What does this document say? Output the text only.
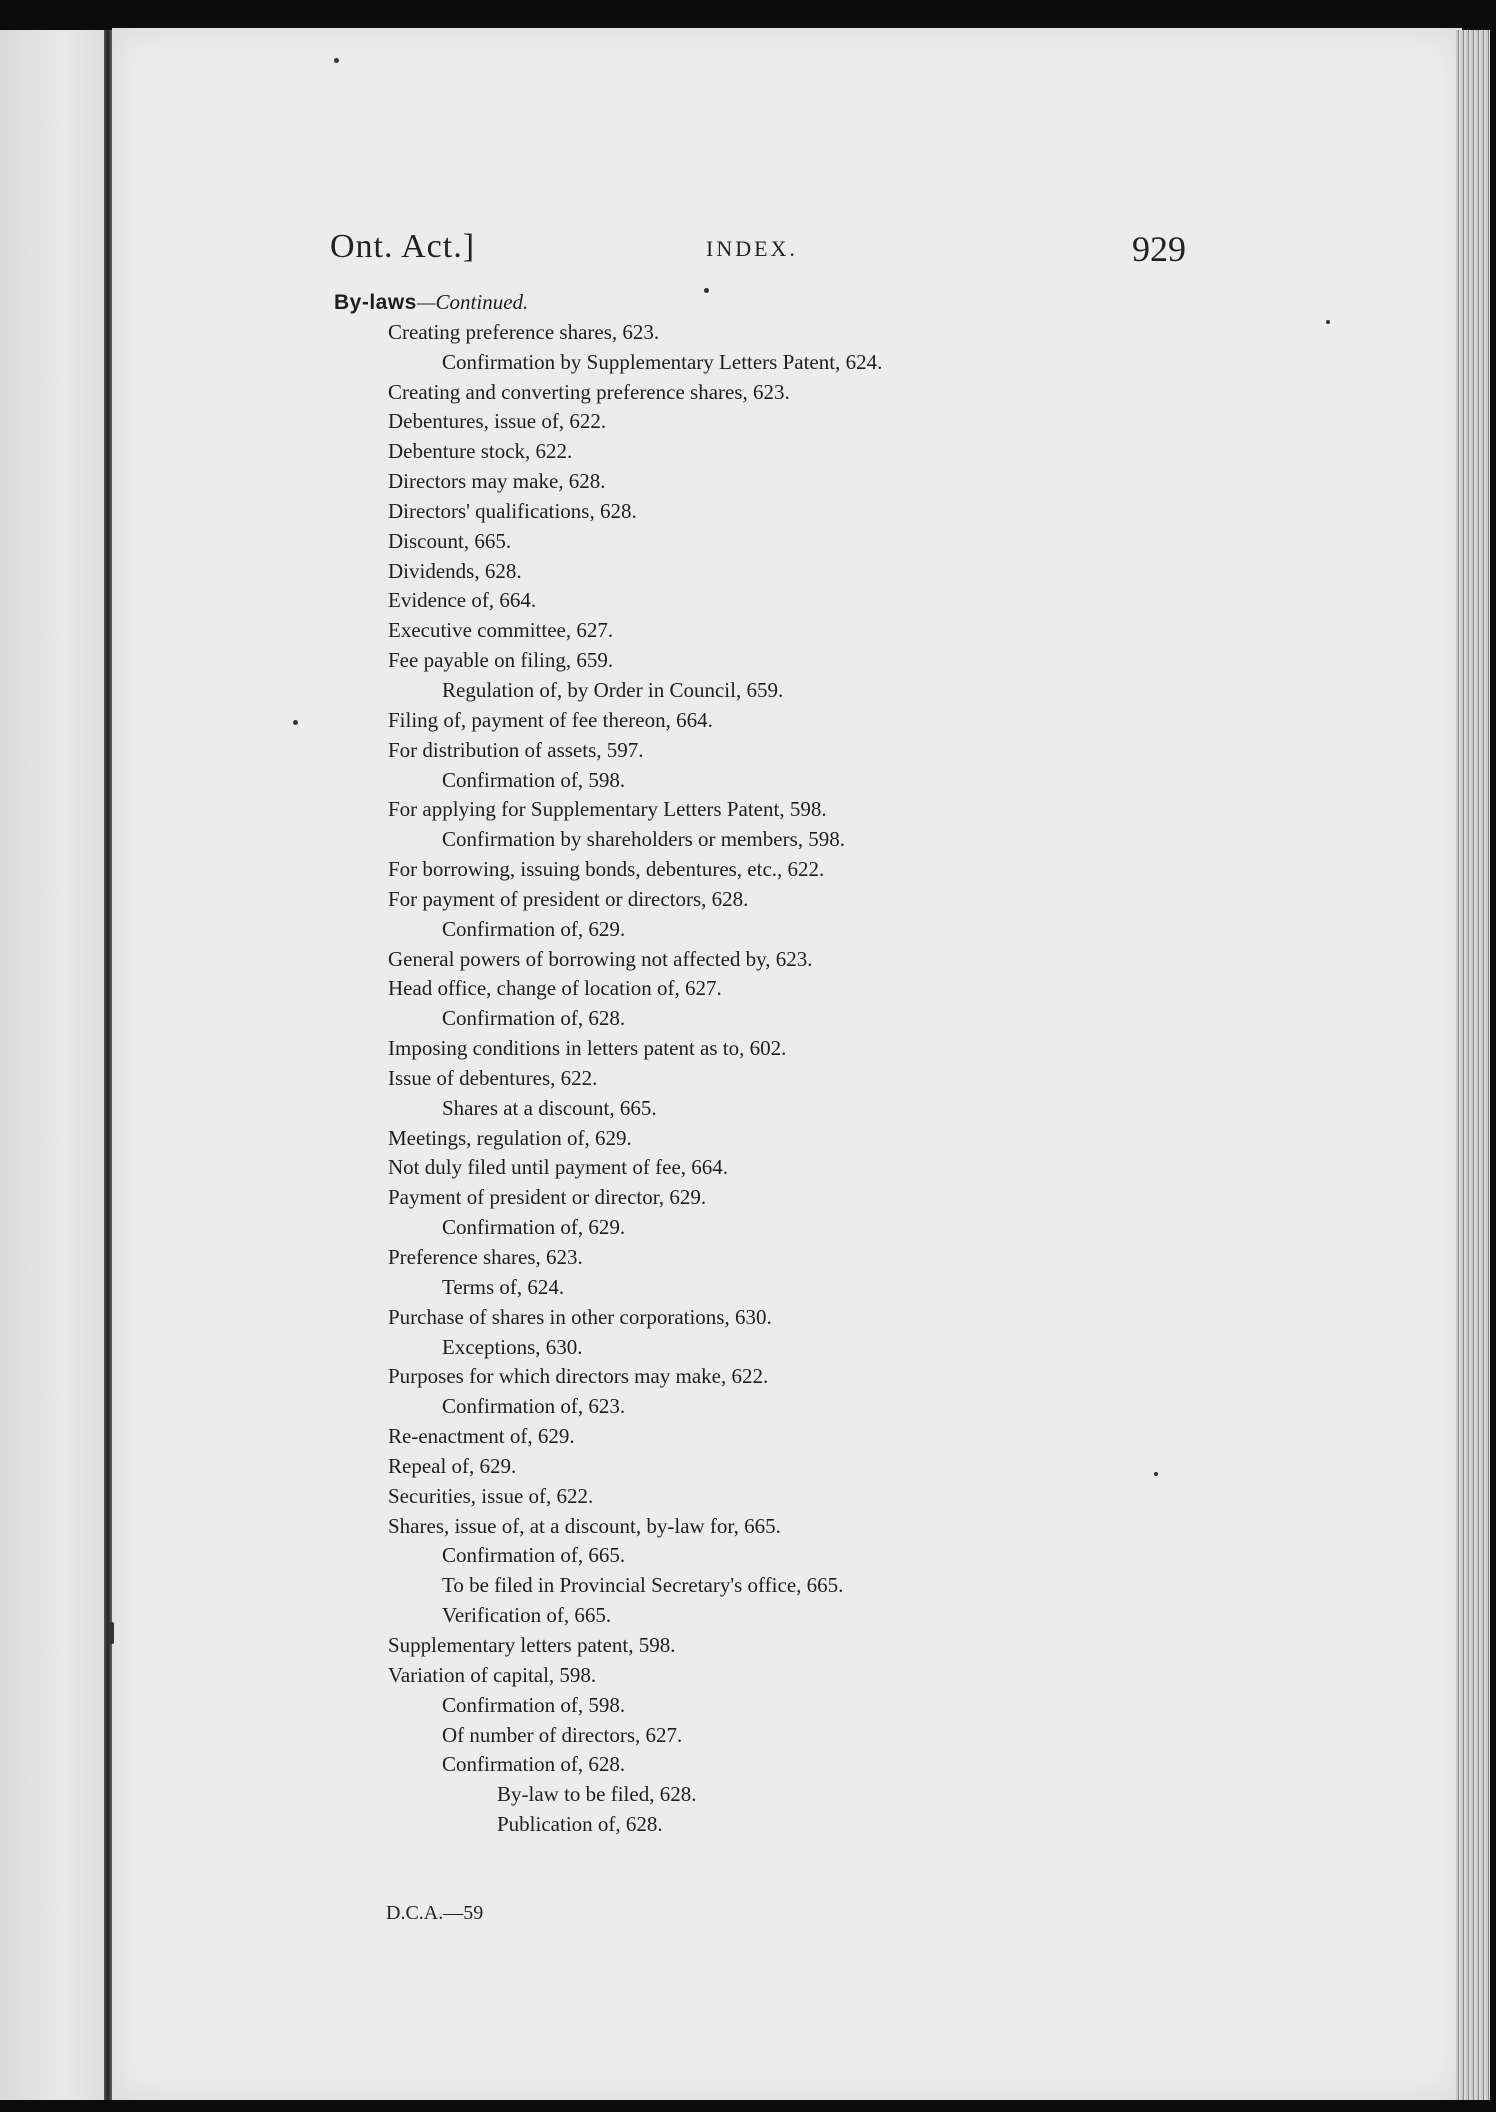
Ont. Act.]	INDEX.	929
By-laws—Continued.
Creating preference shares, 623.
Confirmation by Supplementary Letters Patent, 624.
Creating and converting preference shares, 623.
Debentures, issue of, 622.
Debenture stock, 622.
Directors may make, 628.
Directors' qualifications, 628.
Discount, 665.
Dividends, 628.
Evidence of, 664.
Executive committee, 627.
Fee payable on filing, 659.
Regulation of, by Order in Council, 659.
Filing of, payment of fee thereon, 664.
For distribution of assets, 597.
Confirmation of, 598.
For applying for Supplementary Letters Patent, 598.
Confirmation by shareholders or members, 598.
For borrowing, issuing bonds, debentures, etc., 622.
For payment of president or directors, 628.
Confirmation of, 629.
General powers of borrowing not affected by, 623.
Head office, change of location of, 627.
Confirmation of, 628.
Imposing conditions in letters patent as to, 602.
Issue of debentures, 622.
Shares at a discount, 665.
Meetings, regulation of, 629.
Not duly filed until payment of fee, 664.
Payment of president or director, 629.
Confirmation of, 629.
Preference shares, 623.
Terms of, 624.
Purchase of shares in other corporations, 630.
Exceptions, 630.
Purposes for which directors may make, 622.
Confirmation of, 623.
Re-enactment of, 629.
Repeal of, 629.
Securities, issue of, 622.
Shares, issue of, at a discount, by-law for, 665.
Confirmation of, 665.
To be filed in Provincial Secretary's office, 665.
Verification of, 665.
Supplementary letters patent, 598.
Variation of capital, 598.
Confirmation of, 598.
Of number of directors, 627.
Confirmation of, 628.
By-law to be filed, 628.
Publication of, 628.
D.C.A.—59
